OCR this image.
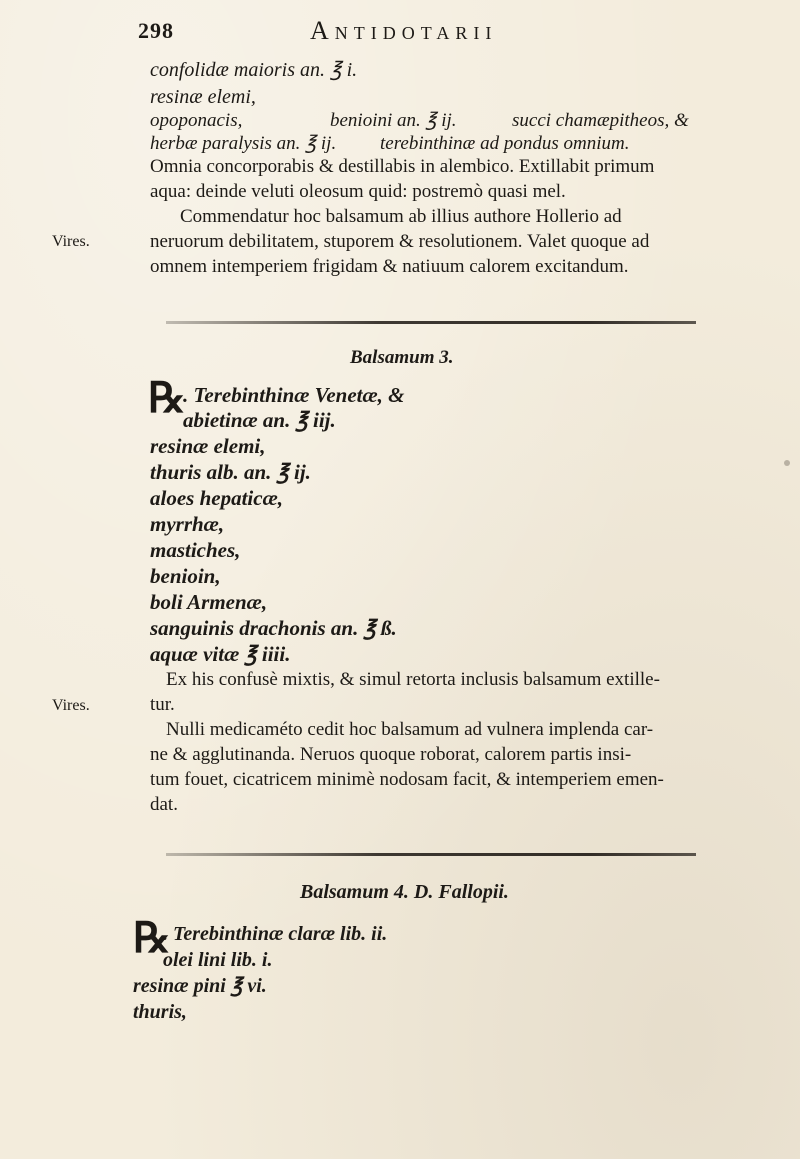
298	Antidotarii
confolidæ maioris an. ℥ i.
resinæ elemi,
opoponacis,	benioini an. ℥ ij.	succi chamæpitheos, &
herbæ paralysis an. ℥ ij. terebinthinæ ad pondus omnium.
Omnia concorporabis & destillabis in alembico. Extillabit primum
aqua: deinde veluti oleosum quid: postremò quasi mel.
Commendatur hoc balsamum ab illius authore Hollerio ad
neruorum debilitatem, stuporem & resolutionem. Valet quoque ad
omnem intemperiem frigidam & natiuum calorem excitandum.
Vires.
Balsamum 3.
℞
. Terebinthinæ Venetæ, &
abietinæ an. ℥ iij.
resinæ elemi,
thuris alb. an. ℥ ij.
aloes hepaticæ,
myrrhæ,
mastiches,
benioin,
boli Armenæ,
sanguinis drachonis an. ℥ ß.
aquæ vitæ ℥ iiii.
Ex his confusè mixtis, & simul retorta inclusis balsamum extille-
tur.
Nulli medicaméto cedit hoc balsamum ad vulnera implenda car-
ne & agglutinanda. Neruos quoque roborat, calorem partis insi-
tum fouet, cicatricem minimè nodosam facit, & intemperiem emen-
dat.
Vires.
Balsamum 4. D. Fallopii.
℞
. Terebinthinæ claræ lib. ii.
olei lini lib. i.
resinæ pini ℥ vi.
thuris,
